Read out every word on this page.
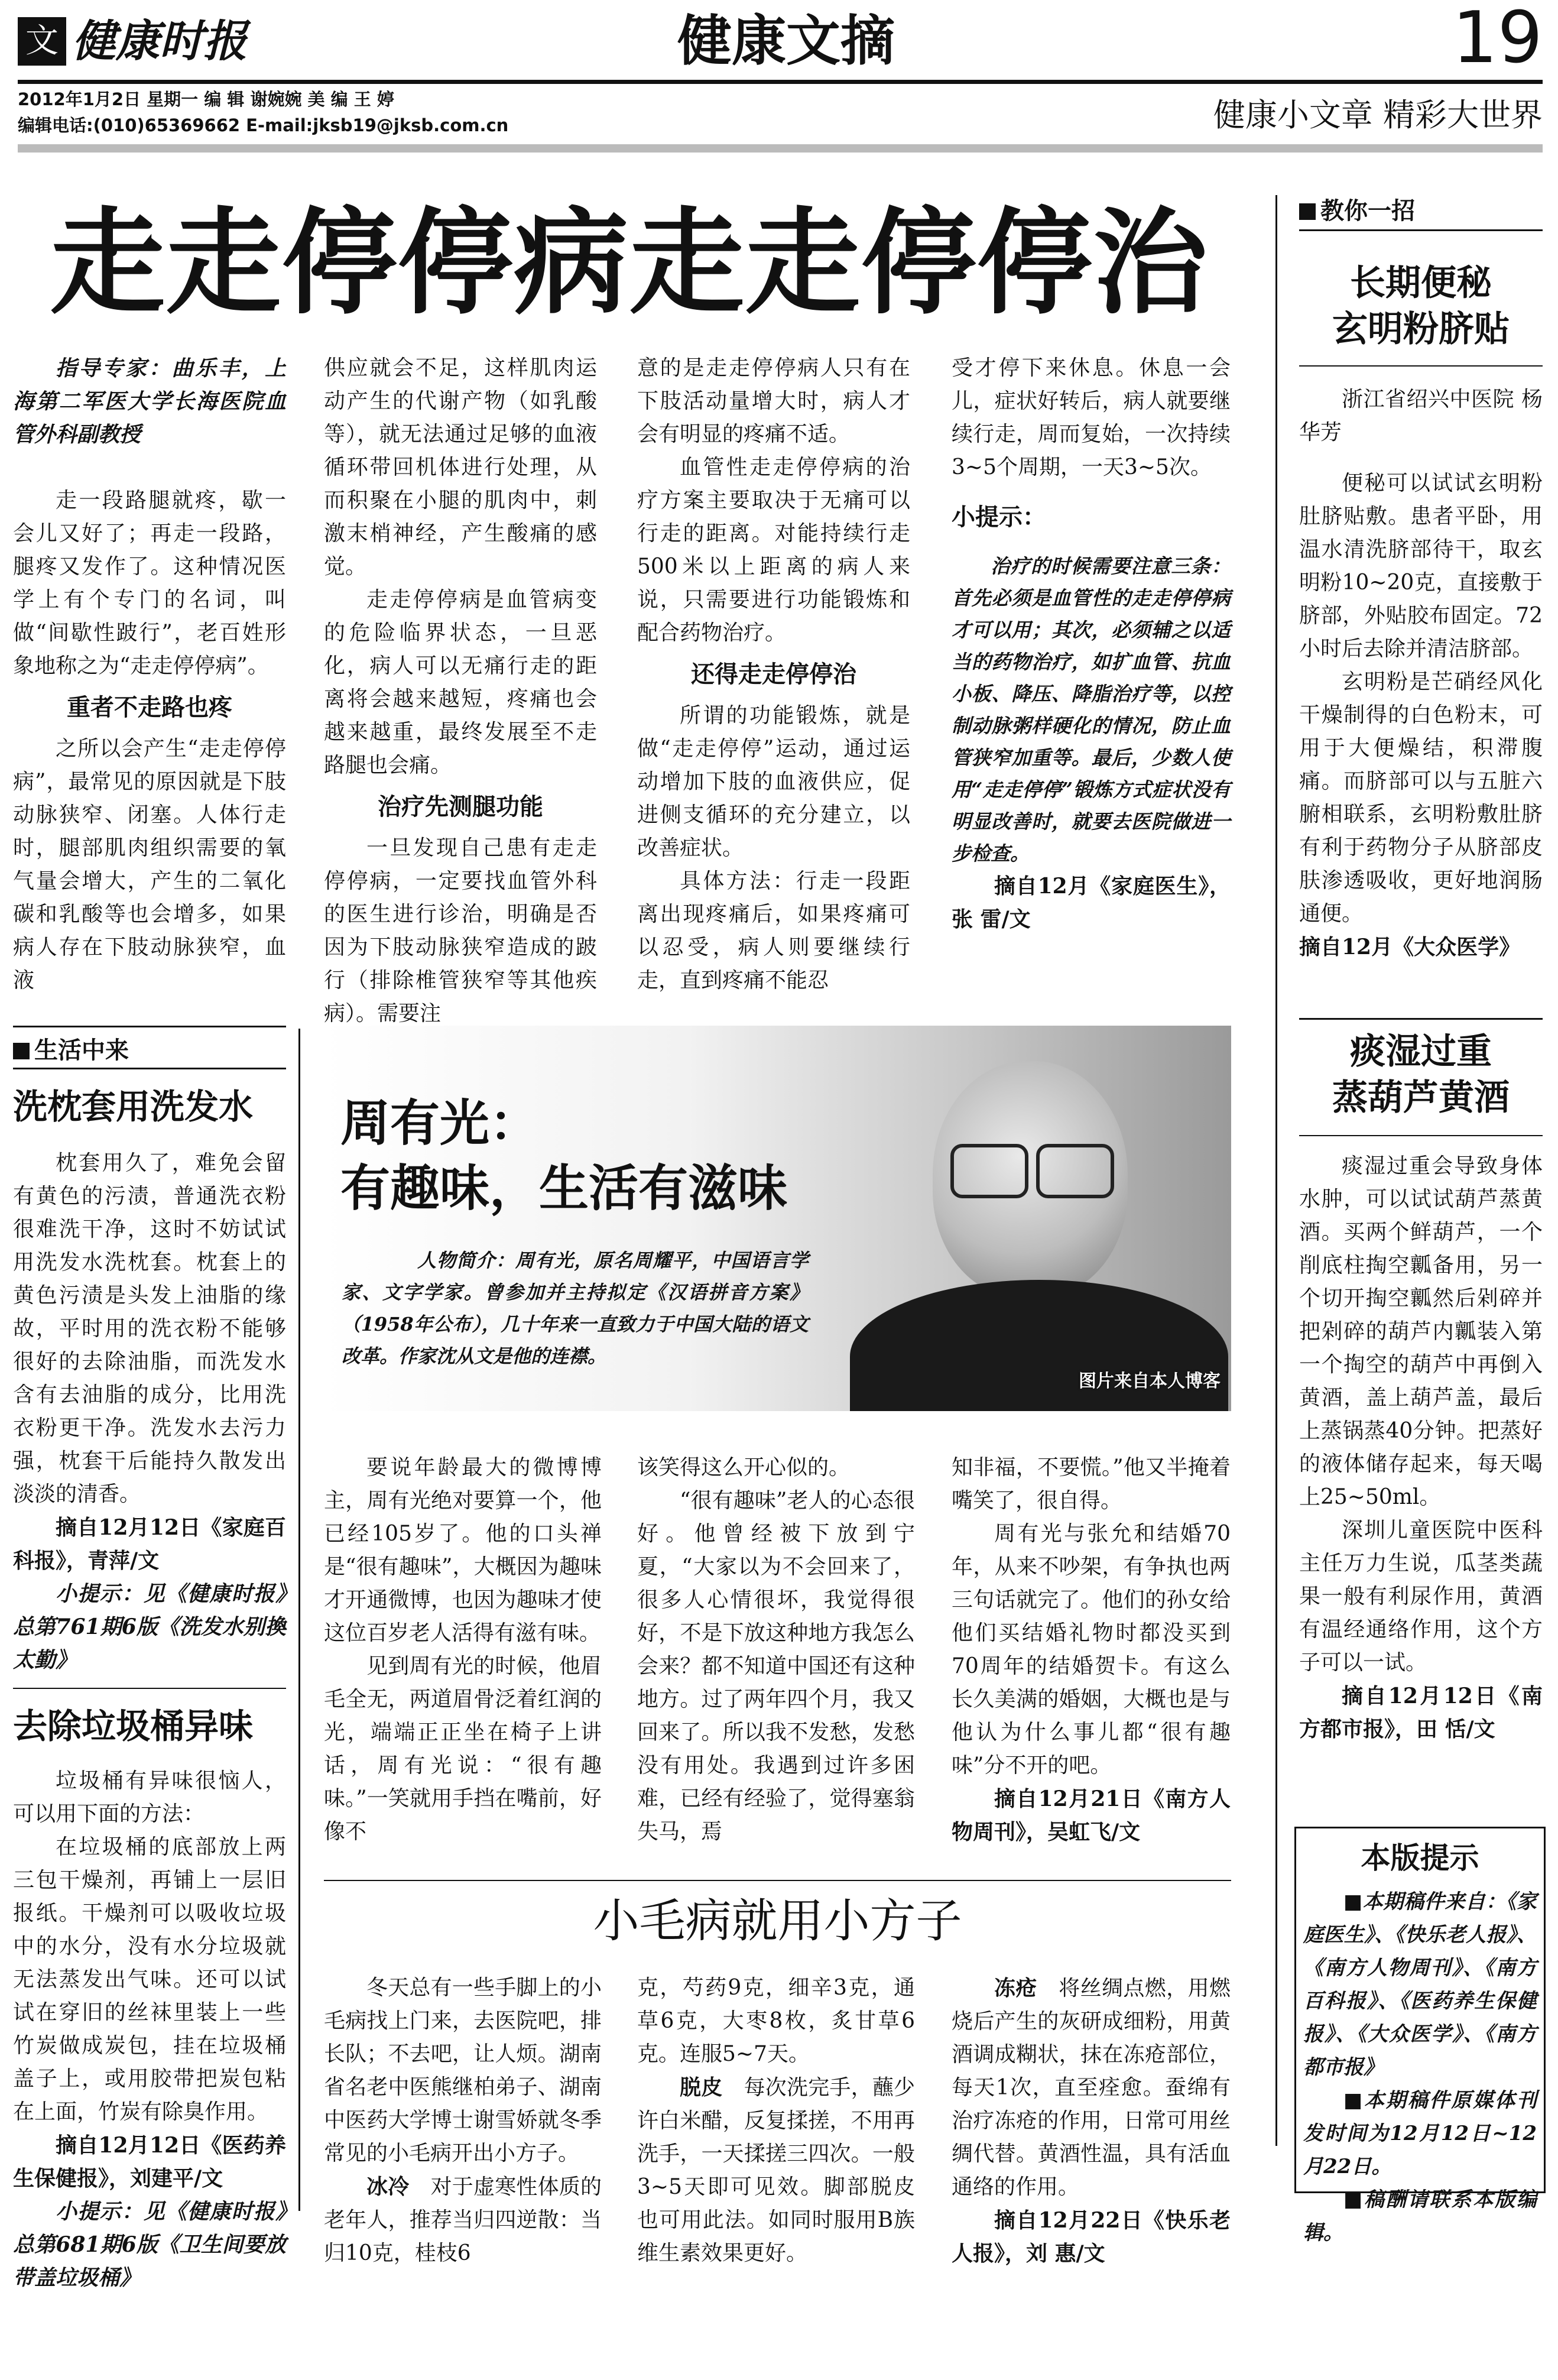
文 健康时报	健康文摘	19
2012年1月2日 星期一 编 辑 谢婉婉 美 编 王 婷
编辑电话:(010)65369662 E-mail:jksb19@jksb.com.cn	健康小文章 精彩大世界
走走停停病走走停停治

指导专家：曲乐丰，上海第二军医大学长海医院血管外科副教授

走一段路腿就疼，歇一会儿又好了；再走一段路，腿疼又发作了。这种情况医学上有个专门的名词，叫做“间歇性跛行”，老百姓形象地称之为“走走停停病”。

重者不走路也疼

之所以会产生“走走停停病”，最常见的原因就是下肢动脉狭窄、闭塞。人体行走时，腿部肌肉组织需要的氧气量会增大，产生的二氧化碳和乳酸等也会增多，如果病人存在下肢动脉狭窄，血液

供应就会不足，这样肌肉运动产生的代谢产物（如乳酸等），就无法通过足够的血液循环带回机体进行处理，从而积聚在小腿的肌肉中，刺激末梢神经，产生酸痛的感觉。

走走停停病是血管病变的危险临界状态，一旦恶化，病人可以无痛行走的距离将会越来越短，疼痛也会越来越重，最终发展至不走路腿也会痛。

治疗先测腿功能

一旦发现自己患有走走停停病，一定要找血管外科的医生进行诊治，明确是否因为下肢动脉狭窄造成的跛行（排除椎管狭窄等其他疾病）。需要注

意的是走走停停病人只有在下肢活动量增大时，病人才会有明显的疼痛不适。

血管性走走停停病的治疗方案主要取决于无痛可以行走的距离。对能持续行走500米以上距离的病人来说，只需要进行功能锻炼和配合药物治疗。

还得走走停停治

所谓的功能锻炼，就是做“走走停停”运动，通过运动增加下肢的血液供应，促进侧支循环的充分建立，以改善症状。

具体方法：行走一段距离出现疼痛后，如果疼痛可以忍受，病人则要继续行走，直到疼痛不能忍

受才停下来休息。休息一会儿，症状好转后，病人就要继续行走，周而复始，一次持续3~5个周期，一天3~5次。

小提示：

治疗的时候需要注意三条：首先必须是血管性的走走停停病才可以用；其次，必须辅之以适当的药物治疗，如扩血管、抗血小板、降压、降脂治疗等，以控制动脉粥样硬化的情况，防止血管狭窄加重等。最后，少数人使用“走走停停”锻炼方式症状没有明显改善时，就要去医院做进一步检查。

摘自12月《家庭医生》，张 雷/文

教你一招
长期便秘
玄明粉脐贴

浙江省绍兴中医院 杨华芳

便秘可以试试玄明粉肚脐贴敷。患者平卧，用温水清洗脐部待干，取玄明粉10~20克，直接敷于脐部，外贴胶布固定。72小时后去除并清洁脐部。

玄明粉是芒硝经风化干燥制得的白色粉末，可用于大便燥结，积滞腹痛。而脐部可以与五脏六腑相联系，玄明粉敷肚脐有利于药物分子从脐部皮肤渗透吸收，更好地润肠通便。

摘自12月《大众医学》

痰湿过重
蒸葫芦黄酒

痰湿过重会导致身体水肿，可以试试葫芦蒸黄酒。买两个鲜葫芦，一个削底柱掏空瓤备用，另一个切开掏空瓤然后剁碎并把剁碎的葫芦内瓤装入第一个掏空的葫芦中再倒入黄酒，盖上葫芦盖，最后上蒸锅蒸40分钟。把蒸好的液体储存起来，每天喝上25~50ml。

深圳儿童医院中医科主任万力生说，瓜茎类蔬果一般有利尿作用，黄酒有温经通络作用，这个方子可以一试。

摘自12月12日《南方都市报》，田 恬/文

本版提示

■本期稿件来自：《家庭医生》、《快乐老人报》、《南方人物周刊》、《南方百科报》、《医药养生保健报》、《大众医学》、《南方都市报》

■本期稿件原媒体刊发时间为12月12日~12月22日。

■稿酬请联系本版编辑。

生活中来
洗枕套用洗发水

枕套用久了，难免会留有黄色的污渍，普通洗衣粉很难洗干净，这时不妨试试用洗发水洗枕套。枕套上的黄色污渍是头发上油脂的缘故，平时用的洗衣粉不能够很好的去除油脂，而洗发水含有去油脂的成分，比用洗衣粉更干净。洗发水去污力强，枕套干后能持久散发出淡淡的清香。

摘自12月12日《家庭百科报》，青萍/文

小提示：见《健康时报》总第761期6版《洗发水别換太勤》

去除垃圾桶异味

垃圾桶有异味很恼人，可以用下面的方法：

在垃圾桶的底部放上两三包干燥剂，再铺上一层旧报纸。干燥剂可以吸收垃圾中的水分，没有水分垃圾就无法蒸发出气味。还可以试试在穿旧的丝袜里装上一些竹炭做成炭包，挂在垃圾桶盖子上，或用胶带把炭包粘在上面，竹炭有除臭作用。

摘自12月12日《医药养生保健报》，刘建平/文

小提示：见《健康时报》总第681期6版《卫生间要放带盖垃圾桶》

周有光：
有趣味，生活有滋味
人物简介：周有光，原名周耀平，中国语言学家、文字学家。曾参加并主持拟定《汉语拼音方案》（1958年公布），几十年来一直致力于中国大陆的语文改革。作家沈从文是他的连襟。
图片来自本人博客

要说年龄最大的微博博主，周有光绝对要算一个，他已经105岁了。他的口头禅是“很有趣味”，大概因为趣味才开通微博，也因为趣味才使这位百岁老人活得有滋有味。

见到周有光的时候，他眉毛全无，两道眉骨泛着红润的光，端端正正坐在椅子上讲话，周有光说：“很有趣味。”一笑就用手挡在嘴前，好像不

该笑得这么开心似的。

“很有趣味”老人的心态很好。他曾经被下放到宁夏，“大家以为不会回来了，很多人心情很坏，我觉得很好，不是下放这种地方我怎么会来？都不知道中国还有这种地方。过了两年四个月，我又回来了。所以我不发愁，发愁没有用处。我遇到过许多困难，已经有经验了，觉得塞翁失马，焉

知非福，不要慌。”他又半掩着嘴笑了，很自得。

周有光与张允和结婚70年，从来不吵架，有争执也两三句话就完了。他们的孙女给他们买结婚礼物时都没买到70周年的结婚贺卡。有这么长久美满的婚姻，大概也是与他认为什么事儿都“很有趣味”分不开的吧。

摘自12月21日《南方人物周刊》，吴虹飞/文

小毛病就用小方子

冬天总有一些手脚上的小毛病找上门来，去医院吧，排长队；不去吧，让人烦。湖南省名老中医熊继柏弟子、湖南中医药大学博士谢雪娇就冬季常见的小毛病开出小方子。

冰冷　 对于虚寒性体质的老年人，推荐当归四逆散：当归10克，桂枝6

克，芍药9克，细辛3克，通草6克，大枣8枚，炙甘草6克。连服5~7天。

脱皮　 每次洗完手，蘸少许白米醋，反复揉搓，不用再洗手，一天揉搓三四次。一般3~5天即可见效。脚部脱皮也可用此法。如同时服用B族维生素效果更好。

冻疮　 将丝绸点燃，用燃烧后产生的灰研成细粉，用黄酒调成糊状，抹在冻疮部位，每天1次，直至痊愈。蚕绵有治疗冻疮的作用，日常可用丝绸代替。黄酒性温，具有活血通络的作用。

摘自12月22日《快乐老人报》，刘 惠/文
